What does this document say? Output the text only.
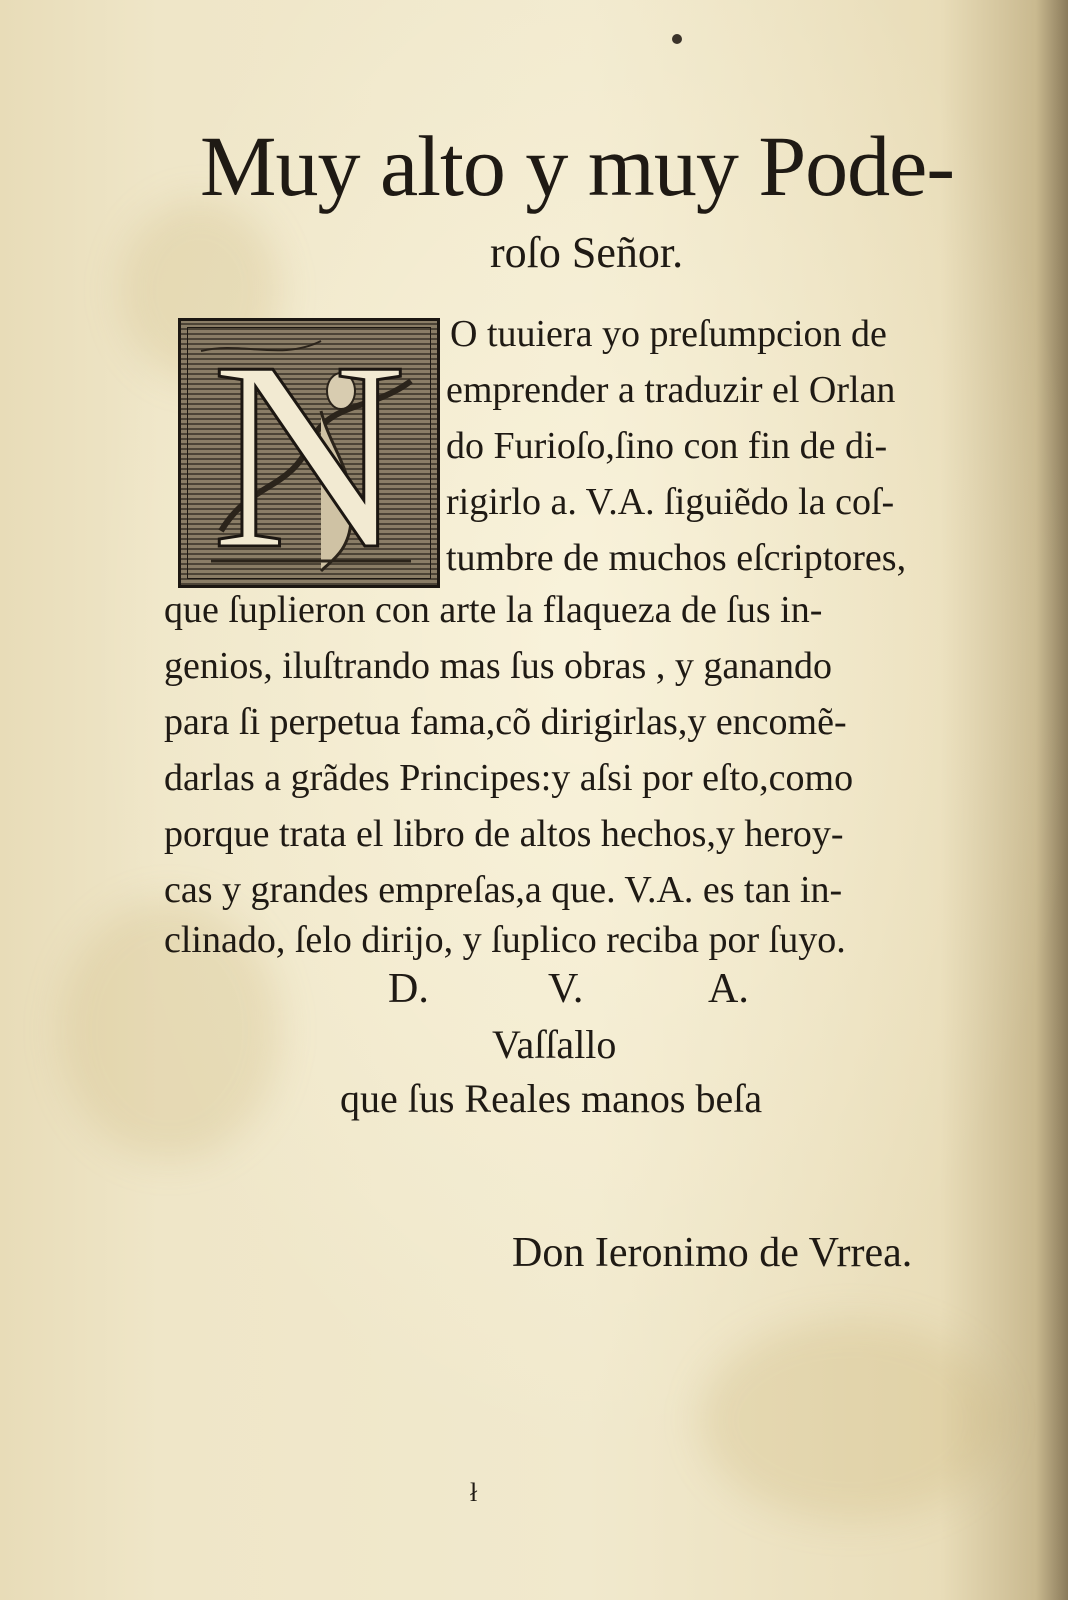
Muy alto y muy Pode-
roſo Señor.
N	O tuuiera yo preſumpcion de
emprender a traduzir el Orlan
do Furioſo,ſino con fin de di-
rigirlo a. V.A. ſiguiẽdo la coſ-
tumbre de muchos eſcriptores,
que ſuplieron con arte la flaqueza de ſus in-
genios, iluſtrando mas ſus obras , y ganando
para ſi perpetua fama,cõ dirigirlas,y encomẽ-
darlas a grãdes Principes:y aſsi por eſto,como
porque trata el libro de altos hechos,y heroy-
cas y grandes empreſas,a que. V.A. es tan in-
clinado, ſelo dirijo, y ſuplico reciba por ſuyo.
D.	V.	A.
Vaſſallo
que ſus Reales manos beſa
Don Ieronimo de Vrrea.
ł
